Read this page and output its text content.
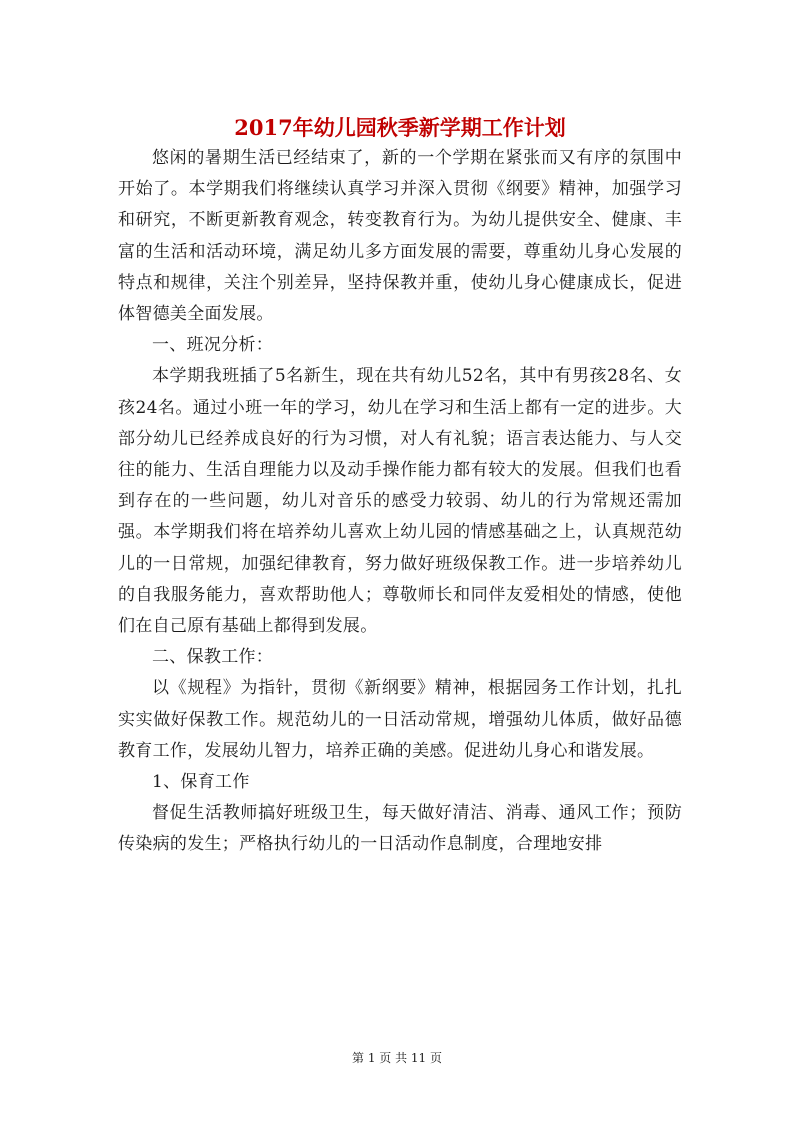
2017年幼儿园秋季新学期工作计划

悠闲的暑期生活已经结束了，新的一个学期在紧张而又有序的氛围中开始了。本学期我们将继续认真学习并深入贯彻《纲要》精神，加强学习和研究，不断更新教育观念，转变教育行为。为幼儿提供安全、健康、丰富的生活和活动环境，满足幼儿多方面发展的需要，尊重幼儿身心发展的特点和规律，关注个别差异，坚持保教并重，使幼儿身心健康成长，促进体智德美全面发展。

一、班况分析：

本学期我班插了5名新生，现在共有幼儿52名，其中有男孩28名、女孩24名。通过小班一年的学习，幼儿在学习和生活上都有一定的进步。大部分幼儿已经养成良好的行为习惯，对人有礼貌；语言表达能力、与人交往的能力、生活自理能力以及动手操作能力都有较大的发展。但我们也看到存在的一些问题，幼儿对音乐的感受力较弱、幼儿的行为常规还需加强。本学期我们将在培养幼儿喜欢上幼儿园的情感基础之上，认真规范幼儿的一日常规，加强纪律教育，努力做好班级保教工作。进一步培养幼儿的自我服务能力，喜欢帮助他人；尊敬师长和同伴友爱相处的情感，使他们在自己原有基础上都得到发展。

二、保教工作：

以《规程》为指针，贯彻《新纲要》精神，根据园务工作计划，扎扎实实做好保教工作。规范幼儿的一日活动常规，增强幼儿体质，做好品德教育工作，发展幼儿智力，培养正确的美感。促进幼儿身心和谐发展。

1、保育工作

督促生活教师搞好班级卫生，每天做好清洁、消毒、通风工作；预防传染病的发生；严格执行幼儿的一日活动作息制度，合理地安排

第 1 页 共 11 页
